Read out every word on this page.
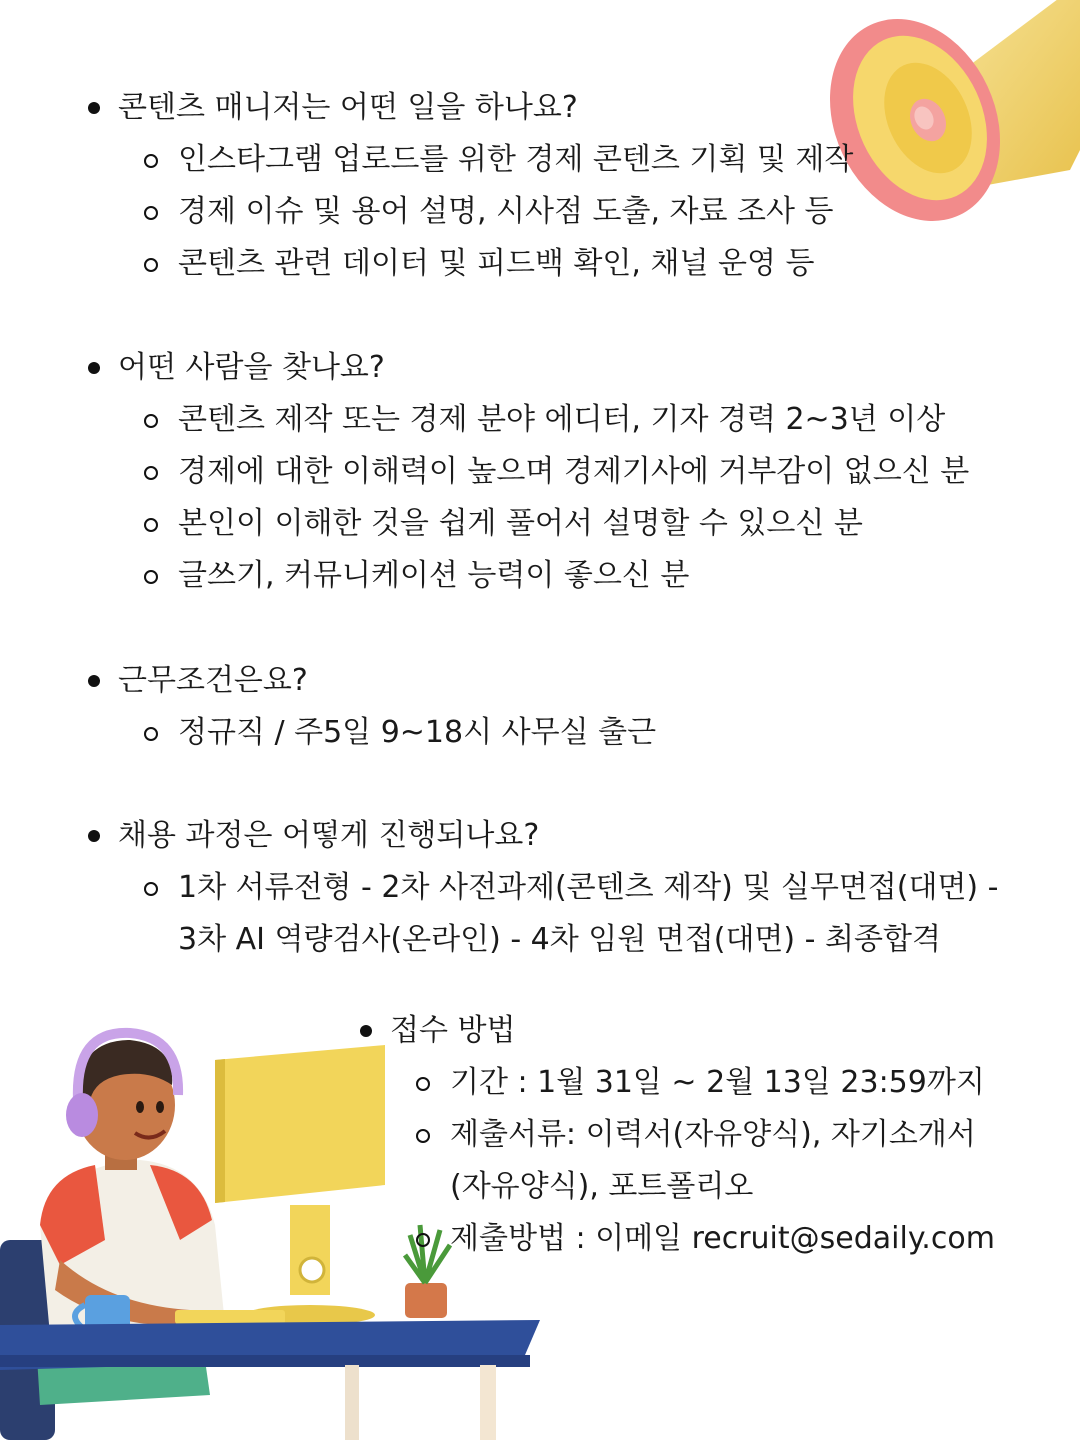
콘텐츠 매니저는 어떤 일을 하나요?
인스타그램 업로드를 위한 경제 콘텐츠 기획 및 제작
경제 이슈 및 용어 설명, 시사점 도출, 자료 조사 등
콘텐츠 관련 데이터 및 피드백 확인, 채널 운영 등
어떤 사람을 찾나요?
콘텐츠 제작 또는 경제 분야 에디터, 기자 경력 2~3년 이상
경제에 대한 이해력이 높으며 경제기사에 거부감이 없으신 분
본인이 이해한 것을 쉽게 풀어서 설명할 수 있으신 분
글쓰기, 커뮤니케이션 능력이 좋으신 분
근무조건은요?
정규직 / 주5일 9~18시 사무실 출근
채용 과정은 어떻게 진행되나요?
1차 서류전형 - 2차 사전과제(콘텐츠 제작) 및 실무면접(대면) -
3차 AI 역량검사(온라인) - 4차 임원 면접(대면) - 최종합격
접수 방법
기간 : 1월 31일 ~ 2월 13일 23:59까지
제출서류: 이력서(자유양식), 자기소개서
(자유양식), 포트폴리오
제출방법 : 이메일 recruit@sedaily.com
